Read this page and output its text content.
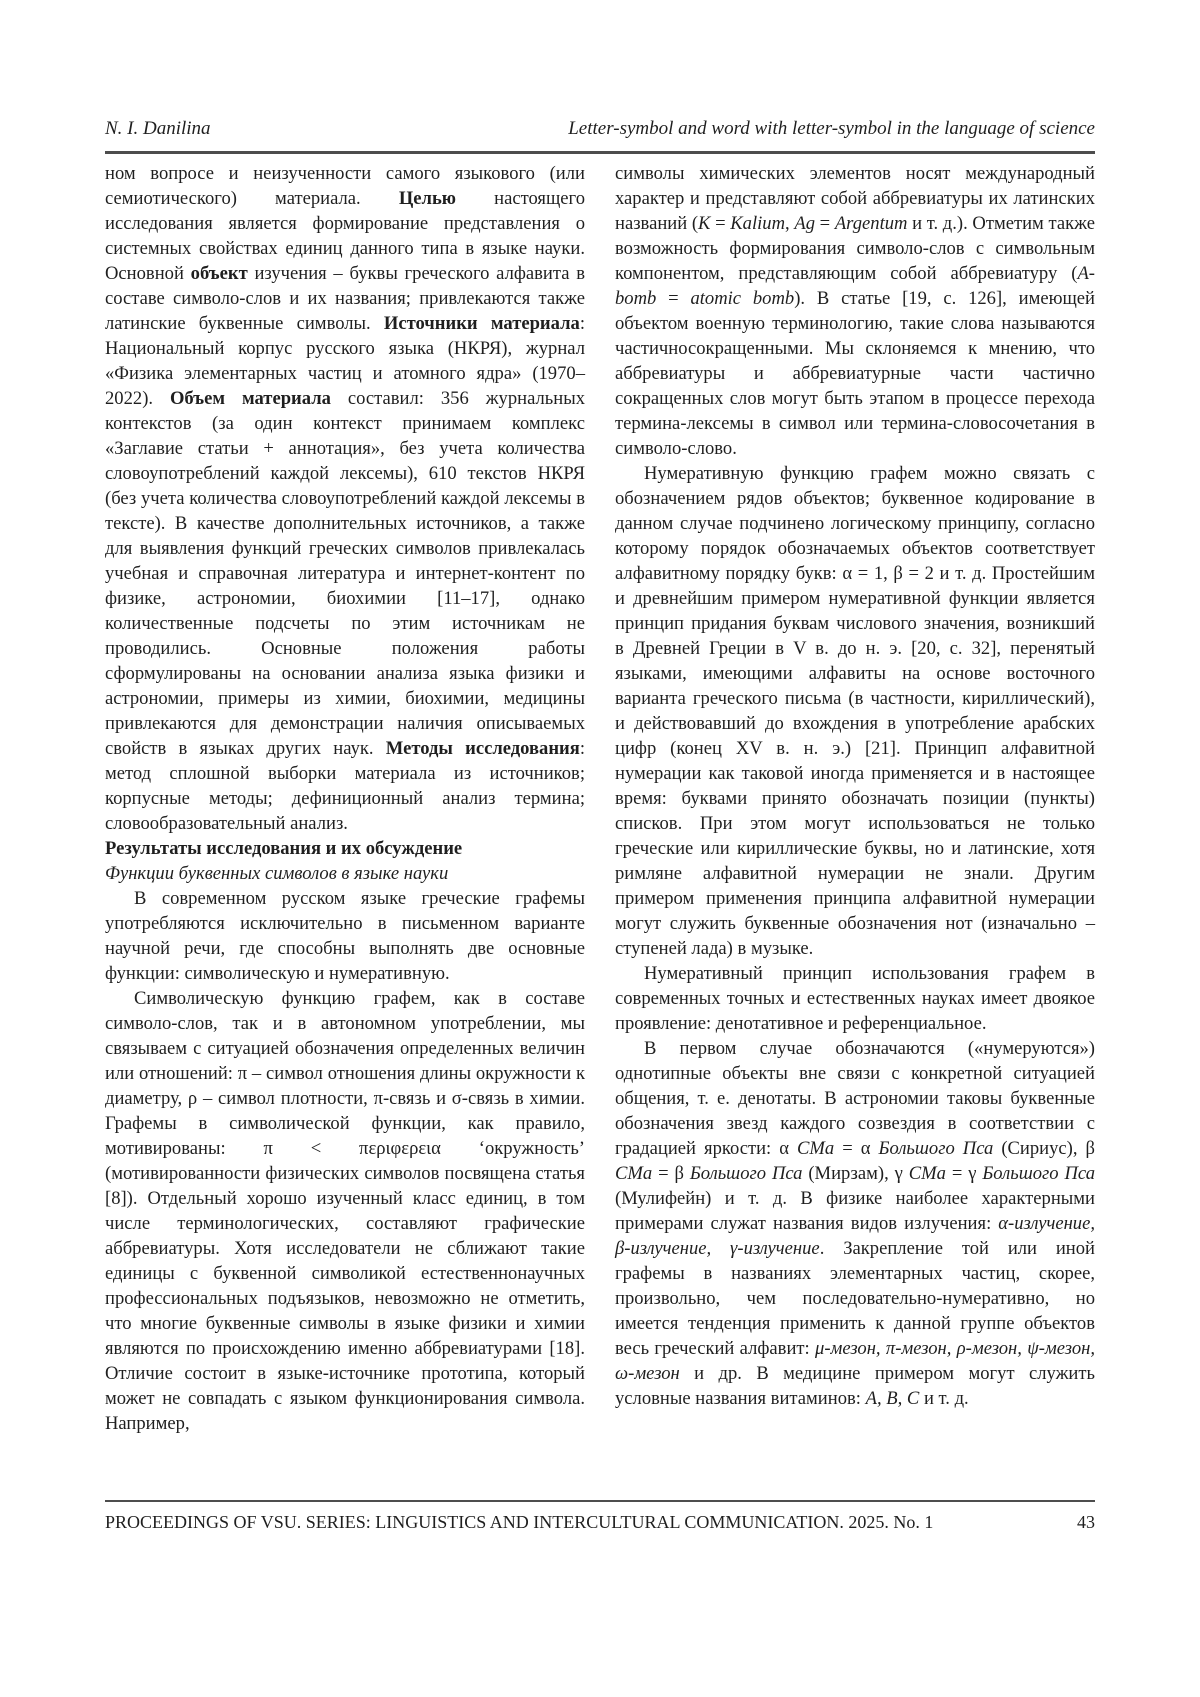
N. I. Danilina	Letter-symbol and word with letter-symbol in the language of science

ном вопросе и неизученности самого языкового (или семиотического) материала. Целью настоящего исследования является формирование представления о системных свойствах единиц данного типа в языке науки. Основной объект изучения – буквы греческого алфавита в составе символо-слов и их названия; привлекаются также латинские буквенные символы. Источники материала: Национальный корпус русского языка (НКРЯ), журнал «Физика элементарных частиц и атомного ядра» (1970–2022). Объем материала составил: 356 журнальных контекстов (за один контекст принимаем комплекс «Заглавие статьи + аннотация», без учета количества словоупотреблений каждой лексемы), 610 текстов НКРЯ (без учета количества словоупотреблений каждой лексемы в тексте). В качестве дополнительных источников, а также для выявления функций греческих символов привлекалась учебная и справочная литература и интернет-контент по физике, астрономии, биохимии [11–17], однако количественные подсчеты по этим источникам не проводились. Основные положения работы сформулированы на основании анализа языка физики и астрономии, примеры из химии, биохимии, медицины привлекаются для демонстрации наличия описываемых свойств в языках других наук. Методы исследования: метод сплошной выборки материала из источников; корпусные методы; дефиниционный анализ термина; словообразовательный анализ.

Результаты исследования и их обсуждение

Функции буквенных символов в языке науки

В современном русском языке греческие графемы употребляются исключительно в письменном варианте научной речи, где способны выполнять две основные функции: символическую и нумеративную.

Символическую функцию графем, как в составе символо-слов, так и в автономном употреблении, мы связываем с ситуацией обозначения определенных величин или отношений: π – символ отношения длины окружности к диаметру, ρ – символ плотности, π-связь и σ-связь в химии. Графемы в символической функции, как правило, мотивированы: π < περιφερεια ‘окружность’ (мотивированности физических символов посвящена статья [8]). Отдельный хорошо изученный класс единиц, в том числе терминологических, составляют графические аббревиатуры. Хотя исследователи не сближают такие единицы с буквенной символикой естественнонаучных профессиональных подъязыков, невозможно не отметить, что многие буквенные символы в языке физики и химии являются по происхождению именно аббревиатурами [18]. Отличие состоит в языке-источнике прототипа, который может не совпадать с языком функционирования символа. Например,

символы химических элементов носят международный характер и представляют собой аббревиатуры их латинских названий (K = Kalium, Ag = Argentum и т. д.). Отметим также возможность формирования символо-слов с символьным компонентом, представляющим собой аббревиатуру (A-bomb = atomic bomb). В статье [19, с. 126], имеющей объектом военную терминологию, такие слова называются частичносокращенными. Мы склоняемся к мнению, что аббревиатуры и аббревиатурные части частично сокращенных слов могут быть этапом в процессе перехода термина-лексемы в символ или термина-словосочетания в символо-слово.

Нумеративную функцию графем можно связать с обозначением рядов объектов; буквенное кодирование в данном случае подчинено логическому принципу, согласно которому порядок обозначаемых объектов соответствует алфавитному порядку букв: α = 1, β = 2 и т. д. Простейшим и древнейшим примером нумеративной функции является принцип придания буквам числового значения, возникший в Древней Греции в V в. до н. э. [20, с. 32], перенятый языками, имеющими алфавиты на основе восточного варианта греческого письма (в частности, кириллический), и действовавший до вхождения в употребление арабских цифр (конец XV в. н. э.) [21]. Принцип алфавитной нумерации как таковой иногда применяется и в настоящее время: буквами принято обозначать позиции (пункты) списков. При этом могут использоваться не только греческие или кириллические буквы, но и латинские, хотя римляне алфавитной нумерации не знали. Другим примером применения принципа алфавитной нумерации могут служить буквенные обозначения нот (изначально – ступеней лада) в музыке.

Нумеративный принцип использования графем в современных точных и естественных науках имеет двоякое проявление: денотативное и референциальное.

В первом случае обозначаются («нумеруются») однотипные объекты вне связи с конкретной ситуацией общения, т. е. денотаты. В астрономии таковы буквенные обозначения звезд каждого созвездия в соответствии с градацией яркости: α CMa = α Большого Пса (Сириус), β CMa = β Большого Пса (Мирзам), γ CMa = γ Большого Пса (Мулифейн) и т. д. В физике наиболее характерными примерами служат названия видов излучения: α-излучение, β-излучение, γ-излучение. Закрепление той или иной графемы в названиях элементарных частиц, скорее, произвольно, чем последовательно-нумеративно, но имеется тенденция применить к данной группе объектов весь греческий алфавит: μ-мезон, π-мезон, ρ-мезон, ψ-мезон, ω-мезон и др. В медицине примером могут служить условные названия витаминов: A, B, C и т. д.

PROCEEDINGS OF VSU. SERIES: LINGUISTICS AND INTERCULTURAL COMMUNICATION. 2025. No. 1	43
